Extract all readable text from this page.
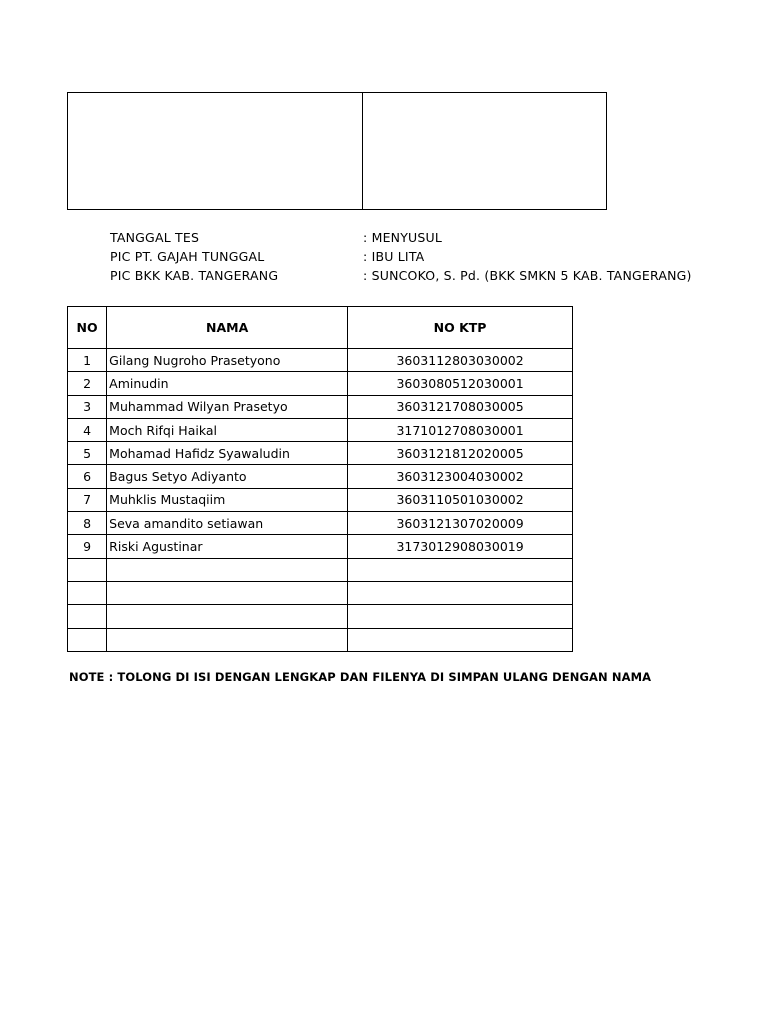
TANGGAL TES	: MENYUSUL
PIC PT. GAJAH TUNGGAL	: IBU LITA
PIC BKK KAB. TANGERANG	: SUNCOKO, S. Pd. (BKK SMKN 5 KAB. TANGERANG)
NO	NAMA	NO KTP
1	Gilang Nugroho Prasetyono	3603112803030002
2	Aminudin	3603080512030001
3	Muhammad Wilyan Prasetyo	3603121708030005
4	Moch Rifqi Haikal	3171012708030001
5	Mohamad Hafidz Syawaludin	3603121812020005
6	Bagus Setyo Adiyanto	3603123004030002
7	Muhklis Mustaqiim	3603110501030002
8	Seva amandito setiawan	3603121307020009
9	Riski Agustinar	3173012908030019

NOTE : TOLONG DI ISI DENGAN LENGKAP DAN FILENYA DI SIMPAN ULANG DENGAN NAMA
